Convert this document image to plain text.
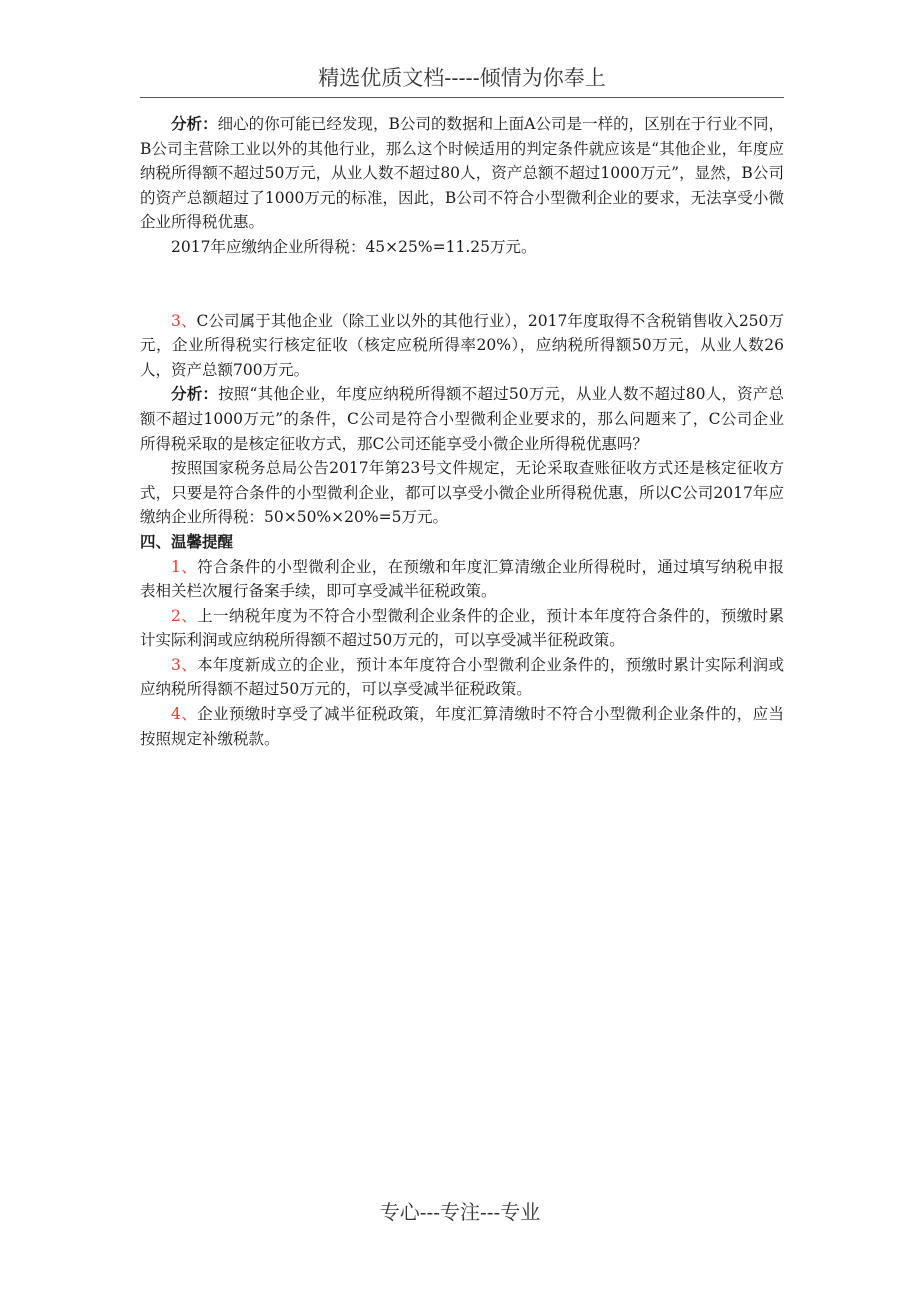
精选优质文档-----倾情为你奉上

分析：细心的你可能已经发现，B公司的数据和上面A公司是一样的，区别在于行业不同，B公司主营除工业以外的其他行业，那么这个时候适用的判定条件就应该是“其他企业，年度应纳税所得额不超过50万元，从业人数不超过80人，资产总额不超过1000万元”，显然，B公司的资产总额超过了1000万元的标准，因此，B公司不符合小型微利企业的要求，无法享受小微企业所得税优惠。

2017年应缴纳企业所得税：45×25%=11.25万元。

3、C公司属于其他企业（除工业以外的其他行业），2017年度取得不含税销售收入250万元，企业所得税实行核定征收（核定应税所得率20%），应纳税所得额50万元，从业人数26人，资产总额700万元。

分析：按照“其他企业，年度应纳税所得额不超过50万元，从业人数不超过80人，资产总额不超过1000万元”的条件，C公司是符合小型微利企业要求的，那么问题来了，C公司企业所得税采取的是核定征收方式，那C公司还能享受小微企业所得税优惠吗？

按照国家税务总局公告2017年第23号文件规定，无论采取查账征收方式还是核定征收方式，只要是符合条件的小型微利企业，都可以享受小微企业所得税优惠，所以C公司2017年应缴纳企业所得税：50×50%×20%=5万元。

四、温馨提醒

1、符合条件的小型微利企业，在预缴和年度汇算清缴企业所得税时，通过填写纳税申报表相关栏次履行备案手续，即可享受减半征税政策。

2、上一纳税年度为不符合小型微利企业条件的企业，预计本年度符合条件的，预缴时累计实际利润或应纳税所得额不超过50万元的，可以享受减半征税政策。

3、本年度新成立的企业，预计本年度符合小型微利企业条件的，预缴时累计实际利润或应纳税所得额不超过50万元的，可以享受减半征税政策。

4、企业预缴时享受了减半征税政策，年度汇算清缴时不符合小型微利企业条件的，应当按照规定补缴税款。

专心---专注---专业
